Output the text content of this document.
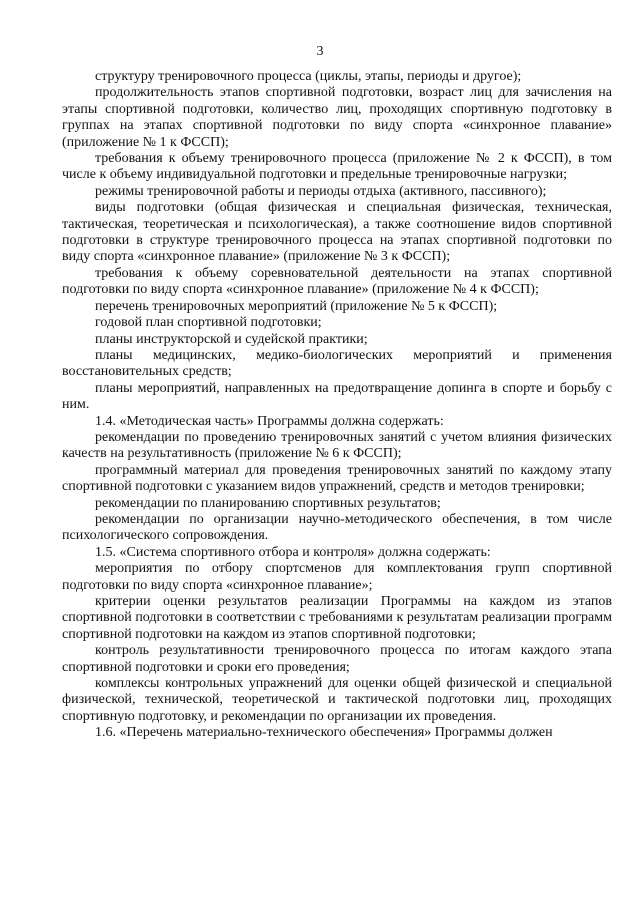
3

структуру тренировочного процесса (циклы, этапы, периоды и другое);

продолжительность этапов спортивной подготовки, возраст лиц для зачисления на этапы спортивной подготовки, количество лиц, проходящих спортивную подготовку в группах на этапах спортивной подготовки по виду спорта «синхронное плавание» (приложение № 1 к ФССП);

требования к объему тренировочного процесса (приложение № 2 к ФССП), в том числе к объему индивидуальной подготовки и предельные тренировочные нагрузки;

режимы тренировочной работы и периоды отдыха (активного, пассивного);

виды подготовки (общая физическая и специальная физическая, техническая, тактическая, теоретическая и психологическая), а также соотношение видов спортивной подготовки в структуре тренировочного процесса на этапах спортивной подготовки по виду спорта «синхронное плавание» (приложение № 3 к ФССП);

требования к объему соревновательной деятельности на этапах спортивной подготовки по виду спорта «синхронное плавание» (приложение № 4 к ФССП);

перечень тренировочных мероприятий (приложение № 5 к ФССП);

годовой план спортивной подготовки;

планы инструкторской и судейской практики;

планы медицинских, медико-биологических мероприятий и применения восстановительных средств;

планы мероприятий, направленных на предотвращение допинга в спорте и борьбу с ним.

1.4. «Методическая часть» Программы должна содержать:

рекомендации по проведению тренировочных занятий с учетом влияния физических качеств на результативность (приложение № 6 к ФССП);

программный материал для проведения тренировочных занятий по каждому этапу спортивной подготовки с указанием видов упражнений, средств и методов тренировки;

рекомендации по планированию спортивных результатов;

рекомендации по организации научно-методического обеспечения, в том числе психологического сопровождения.

1.5. «Система спортивного отбора и контроля» должна содержать:

мероприятия по отбору спортсменов для комплектования групп спортивной подготовки по виду спорта «синхронное плавание»;

критерии оценки результатов реализации Программы на каждом из этапов спортивной подготовки в соответствии с требованиями к результатам реализации программ спортивной подготовки на каждом из этапов спортивной подготовки;

контроль результативности тренировочного процесса по итогам каждого этапа спортивной подготовки и сроки его проведения;

комплексы контрольных упражнений для оценки общей физической и специальной физической, технической, теоретической и тактической подготовки лиц, проходящих спортивную подготовку, и рекомендации по организации их проведения.

1.6. «Перечень материально-технического обеспечения» Программы должен
